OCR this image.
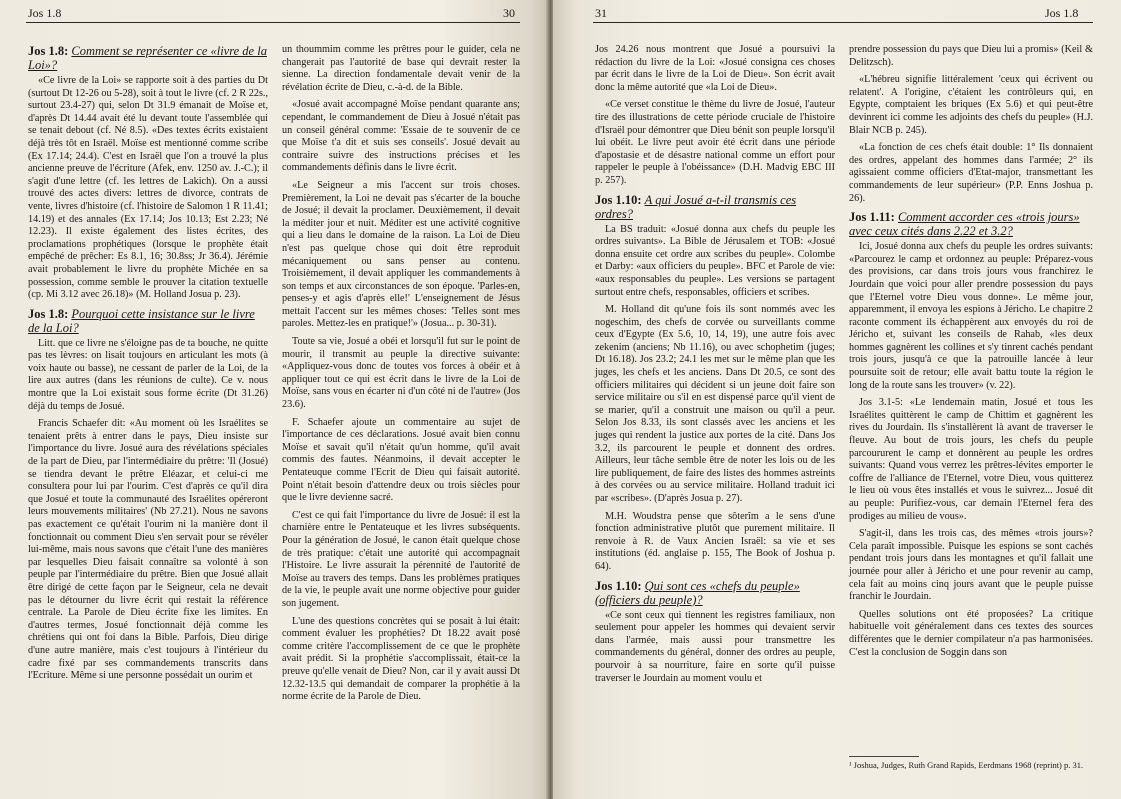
Jos 1.8	30
Jos 1.8: Comment se représenter ce «livre de la Loi»?

«Ce livre de la Loi» se rapporte soit à des parties du Dt (surtout Dt 12-26 ou 5-28), soit à tout le livre (cf. 2 R 22s., surtout 23.4-27) qui, selon Dt 31.9 émanait de Moïse et, d'après Dt 14.44 avait été lu devant toute l'assemblée qui se tenait debout (cf. Né 8.5). «Des textes écrits existaient déjà très tôt en Israël. Moïse est mentionné comme scribe (Ex 17.14; 24.4). C'est en Israël que l'on a trouvé la plus ancienne preuve de l'écriture (Afek, env. 1250 av. J.-C.); il s'agit d'une lettre (cf. les lettres de Lakich). On a aussi trouvé des actes divers: lettres de divorce, contrats de vente, livres d'histoire (cf. l'histoire de Salomon 1 R 11.41; 14.19) et des annales (Ex 17.14; Jos 10.13; Est 2.23; Né 12.23). Il existe également des listes écrites, des proclamations prophétiques (lorsque le prophète était empêché de prêcher: Es 8.1, 16; 30.8ss; Jr 36.4). Jérémie avait probablement le livre du prophète Michée en sa possession, comme semble le prouver la citation textuelle (cp. Mi 3.12 avec 26.18)» (M. Holland Josua p. 23).

Jos 1.8: Pourquoi cette insistance sur le livre de la Loi?

Litt. que ce livre ne s'éloigne pas de ta bouche, ne quitte pas tes lèvres: on lisait toujours en articulant les mots (à voix haute ou basse), ne cessant de parler de la Loi, de la lire aux autres (dans les réunions de culte). Ce v. nous montre que la Loi existait sous forme écrite (Dt 31.26) déjà du temps de Josué.

Francis Schaefer dit: «Au moment où les Israélites se tenaient prêts à entrer dans le pays, Dieu insiste sur l'importance du livre. Josué aura des révélations spéciales de la part de Dieu, par l'intermédiaire du prêtre: 'Il (Josué) se tiendra devant le prêtre Eléazar, et celui-ci me consultera pour lui par l'ourim. C'est d'après ce qu'il dira que Josué et toute la communauté des Israélites opéreront leurs mouvements militaires' (Nb 27.21). Nous ne savons pas exactement ce qu'était l'ourim ni la manière dont il fonctionnait ou comment Dieu s'en servait pour se révéler lui-même, mais nous savons que c'était l'une des manières par lesquelles Dieu faisait connaître sa volonté à son peuple par l'intermédiaire du prêtre. Bien que Josué allait être dirigé de cette façon par le Seigneur, cela ne devait pas le détourner du livre écrit qui restait la référence centrale. La Parole de Dieu écrite fixe les limites. En d'autres termes, Josué fonctionnait déjà comme les chrétiens qui ont foi dans la Bible. Parfois, Dieu dirige d'une autre manière, mais c'est toujours à l'intérieur du cadre fixé par ses commandements transcrits dans l'Ecriture. Même si une personne possédait un ourim et

un thoummim comme les prêtres pour le guider, cela ne changerait pas l'autorité de base qui devrait rester la sienne. La direction fondamentale devait venir de la révélation écrite de Dieu, c.-à-d. de la Bible.

«Josué avait accompagné Moïse pendant quarante ans; cependant, le commandement de Dieu à Josué n'était pas un conseil général comme: 'Essaie de te souvenir de ce que Moïse t'a dit et suis ses conseils'. Josué devait au contraire suivre des instructions précises et les commandements définis dans le livre écrit.

«Le Seigneur a mis l'accent sur trois choses. Premièrement, la Loi ne devait pas s'écarter de la bouche de Josué; il devait la proclamer. Deuxièmement, il devait la méditer jour et nuit. Méditer est une activité cognitive qui a lieu dans le domaine de la raison. La Loi de Dieu n'est pas quelque chose qui doit être reproduit mécaniquement ou sans penser au contenu. Troisièmement, il devait appliquer les commandements à son temps et aux circonstances de son époque. 'Parles-en, penses-y et agis d'après elle!' L'enseignement de Jésus mettait l'accent sur les mêmes choses: 'Telles sont mes paroles. Mettez-les en pratique!'» (Josua... p. 30-31).

Toute sa vie, Josué a obéi et lorsqu'il fut sur le point de mourir, il transmit au peuple la directive suivante: «Appliquez-vous donc de toutes vos forces à obéir et à appliquer tout ce qui est écrit dans le livre de la Loi de Moïse, sans vous en écarter ni d'un côté ni de l'autre» (Jos 23.6).

F. Schaefer ajoute un commentaire au sujet de l'importance de ces déclarations. Josué avait bien connu Moïse et savait qu'il n'était qu'un homme, qu'il avait commis des fautes. Néanmoins, il devait accepter le Pentateuque comme l'Ecrit de Dieu qui faisait autorité. Point n'était besoin d'attendre deux ou trois siècles pour que le livre devienne sacré.

C'est ce qui fait l'importance du livre de Josué: il est la charnière entre le Pentateuque et les livres subséquents. Pour la génération de Josué, le canon était quelque chose de très pratique: c'était une autorité qui accompagnait l'Histoire. Le livre assurait la pérennité de l'autorité de Moïse au travers des temps. Dans les problèmes pratiques de la vie, le peuple avait une norme objective pour guider son jugement.

L'une des questions concrètes qui se posait à lui était: comment évaluer les prophéties? Dt 18.22 avait posé comme critère l'accomplissement de ce que le prophète avait prédit. Si la prophétie s'accomplissait, était-ce la preuve qu'elle venait de Dieu? Non, car il y avait aussi Dt 12.32-13.5 qui demandait de comparer la prophétie à la norme écrite de la Parole de Dieu.

31	Jos 1.8

Jos 24.26 nous montrent que Josué a poursuivi la rédaction du livre de la Loi: «Josué consigna ces choses par écrit dans le livre de la Loi de Dieu». Son écrit avait donc la même autorité que «la Loi de Dieu».

«Ce verset constitue le thème du livre de Josué, l'auteur tire des illustrations de cette période cruciale de l'histoire d'Israël pour démontrer que Dieu bénit son peuple lorsqu'il lui obéit. Le livre peut avoir été écrit dans une période d'apostasie et de désastre national comme un effort pour rappeler le peuple à l'obéissance» (D.H. Madvig EBC III p. 257).

Jos 1.10: A qui Josué a-t-il transmis ces ordres?

La BS traduit: «Josué donna aux chefs du peuple les ordres suivants». La Bible de Jérusalem et TOB: «Josué donna ensuite cet ordre aux scribes du peuple». Colombe et Darby: «aux officiers du peuple». BFC et Parole de vie: «aux responsables du peuple». Les versions se partagent surtout entre chefs, responsables, officiers et scribes.

M. Holland dit qu'une fois ils sont nommés avec les nogeschim, des chefs de corvée ou surveillants comme ceux d'Egypte (Ex 5.6, 10, 14, 19), une autre fois avec zekenim (anciens; Nb 11.16), ou avec schophetim (juges; Dt 16.18). Jos 23.2; 24.1 les met sur le même plan que les juges, les chefs et les anciens. Dans Dt 20.5, ce sont des officiers militaires qui décident si un jeune doit faire son service militaire ou s'il en est dispensé parce qu'il vient de se marier, qu'il a construit une maison ou qu'il a peur. Selon Jos 8.33, ils sont classés avec les anciens et les juges qui rendent la justice aux portes de la cité. Dans Jos 3.2, ils parcourent le peuple et donnent des ordres. Ailleurs, leur tâche semble être de noter les lois ou de les lire publiquement, de faire des listes des hommes astreints à des corvées ou au service militaire. Holland traduit ici par «scribes». (D'après Josua p. 27).

M.H. Woudstra pense que sôterîm a le sens d'une fonction administrative plutôt que purement militaire. Il renvoie à R. de Vaux Ancien Israël: sa vie et ses institutions (éd. anglaise p. 155, The Book of Joshua p. 64).

Jos 1.10: Qui sont ces «chefs du peuple» (officiers du peuple)?

«Ce sont ceux qui tiennent les registres familiaux, non seulement pour appeler les hommes qui devaient servir dans l'armée, mais aussi pour transmettre les commandements du général, donner des ordres au peuple, pourvoir à sa nourriture, faire en sorte qu'il puisse traverser le Jourdain au moment voulu et

prendre possession du pays que Dieu lui a promis» (Keil & Delitzsch).

«L'hébreu signifie littéralement 'ceux qui écrivent ou relatent'. A l'origine, c'étaient les contrôleurs qui, en Egypte, comptaient les briques (Ex 5.6) et qui peut-être devinrent ici comme les adjoints des chefs du peuple» (H.J. Blair NCB p. 245).

«La fonction de ces chefs était double: 1° Ils donnaient des ordres, appelant des hommes dans l'armée; 2° ils agissaient comme officiers d'Etat-major, transmettant les commandements de leur supérieur» (P.P. Enns Joshua p. 26).

Jos 1.11: Comment accorder ces «trois jours» avec ceux cités dans 2.22 et 3.2?

Ici, Josué donna aux chefs du peuple les ordres suivants: «Parcourez le camp et ordonnez au peuple: Préparez-vous des provisions, car dans trois jours vous franchirez le Jourdain que voici pour aller prendre possession du pays que l'Eternel votre Dieu vous donne». Le même jour, apparemment, il envoya les espions à Jéricho. Le chapitre 2 raconte comment ils échappèrent aux envoyés du roi de Jéricho et, suivant les conseils de Rahab, «les deux hommes gagnèrent les collines et s'y tinrent cachés pendant trois jours, jusqu'à ce que la patrouille lancée à leur poursuite soit de retour; elle avait battu toute la région le long de la route sans les trouver» (v. 22).

Jos 3.1-5: «Le lendemain matin, Josué et tous les Israélites quittèrent le camp de Chittim et gagnèrent les rives du Jourdain. Ils s'installèrent là avant de traverser le fleuve. Au bout de trois jours, les chefs du peuple parcoururent le camp et donnèrent au peuple les ordres suivants: Quand vous verrez les prêtres-lévites emporter le coffre de l'alliance de l'Eternel, votre Dieu, vous quitterez le lieu où vous êtes installés et vous le suivrez... Josué dit au peuple: Purifiez-vous, car demain l'Eternel fera des prodiges au milieu de vous».

S'agit-il, dans les trois cas, des mêmes «trois jours»? Cela paraît impossible. Puisque les espions se sont cachés pendant trois jours dans les montagnes et qu'il fallait une journée pour aller à Jéricho et une pour revenir au camp, cela fait au moins cinq jours avant que le peuple puisse franchir le Jourdain.

Quelles solutions ont été proposées? La critique habituelle voit généralement dans ces textes des sources différentes que le dernier compilateur n'a pas harmonisées. C'est la conclusion de Soggin dans son

¹ Joshua, Judges, Ruth Grand Rapids, Eerdmans 1968 (reprint) p. 31.
